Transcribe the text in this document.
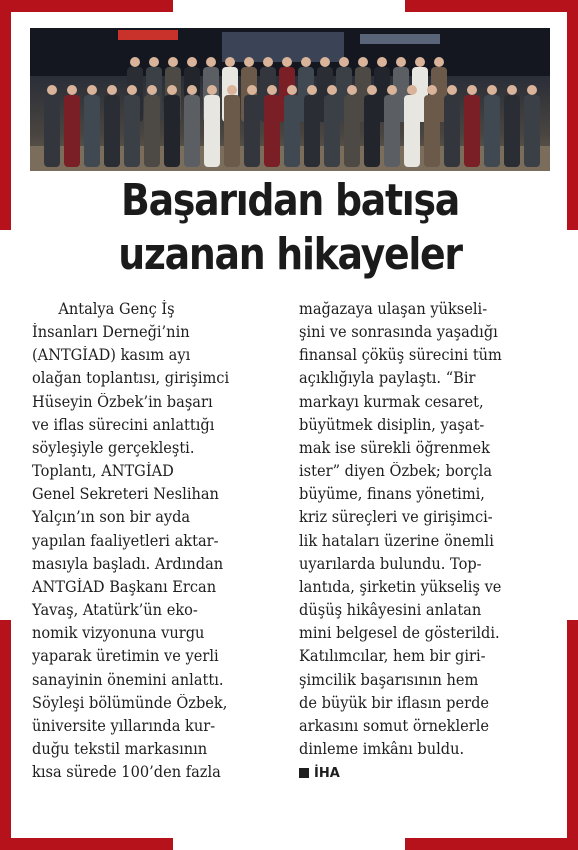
Başarıdan batışa
uzanan hikayeler
Antalya Genç İş
İnsanları Derneği’nin
(ANTGİAD) kasım ayı
olağan toplantısı, girişimci
Hüseyin Özbek’in başarı
ve iflas sürecini anlattığı
söyleşiyle gerçekleşti.
Toplantı, ANTGİAD
Genel Sekreteri Neslihan
Yalçın’ın son bir ayda
yapılan faaliyetleri aktar-
masıyla başladı. Ardından
ANTGİAD Başkanı Ercan
Yavaş, Atatürk’ün eko-
nomik vizyonuna vurgu
yaparak üretimin ve yerli
sanayinin önemini anlattı.
Söyleşi bölümünde Özbek,
üniversite yıllarında kur-
duğu tekstil markasının
kısa sürede 100’den fazla
mağazaya ulaşan yükseli-
şini ve sonrasında yaşadığı
finansal çöküş sürecini tüm
açıklığıyla paylaştı. “Bir
markayı kurmak cesaret,
büyütmek disiplin, yaşat-
mak ise sürekli öğrenmek
ister” diyen Özbek; borçla
büyüme, finans yönetimi,
kriz süreçleri ve girişimci-
lik hataları üzerine önemli
uyarılarda bulundu. Top-
lantıda, şirketin yükseliş ve
düşüş hikâyesini anlatan
mini belgesel de gösterildi.
Katılımcılar, hem bir giri-
şimcilik başarısının hem
de büyük bir iflasın perde
arkasını somut örneklerle
dinleme imkânı buldu.
İHA
